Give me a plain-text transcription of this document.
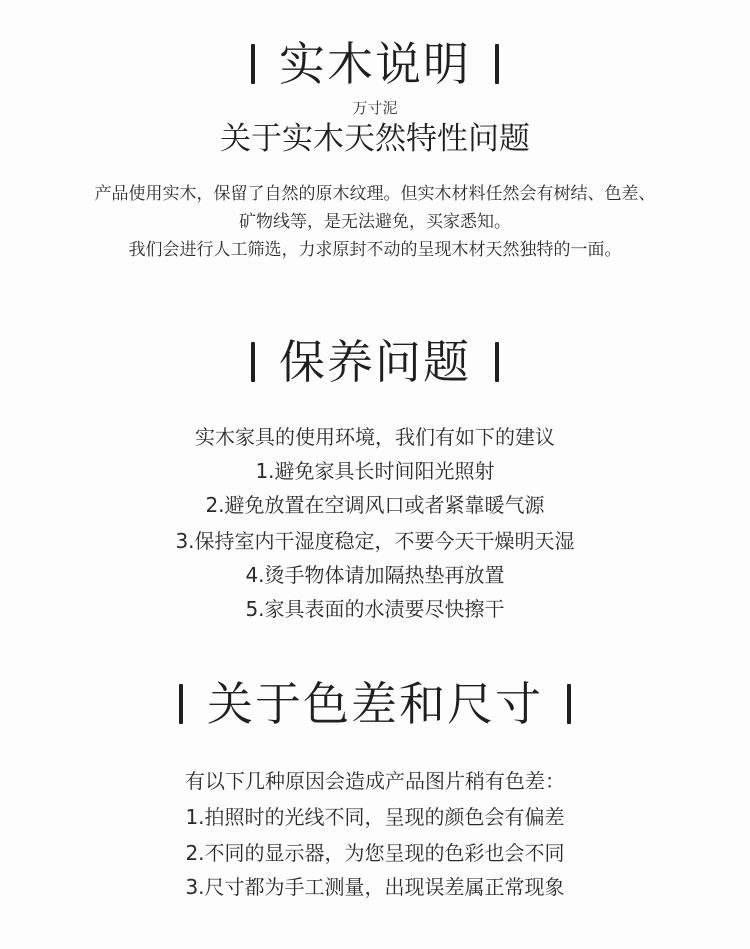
实木说明
万寸泥
关于实木天然特性问题
产品使用实木，保留了自然的原木纹理。但实木材料任然会有树结、色差、
矿物线等，是无法避免，买家悉知。
我们会进行人工筛选，力求原封不动的呈现木材天然独特的一面。
保养问题
实木家具的使用环境，我们有如下的建议
1.避免家具长时间阳光照射
2.避免放置在空调风口或者紧靠暖气源
3.保持室内干湿度稳定，不要今天干燥明天湿
4.烫手物体请加隔热垫再放置
5.家具表面的水渍要尽快擦干
关于色差和尺寸
有以下几种原因会造成产品图片稍有色差：
1.拍照时的光线不同，呈现的颜色会有偏差
2.不同的显示器，为您呈现的色彩也会不同
3.尺寸都为手工测量，出现误差属正常现象
